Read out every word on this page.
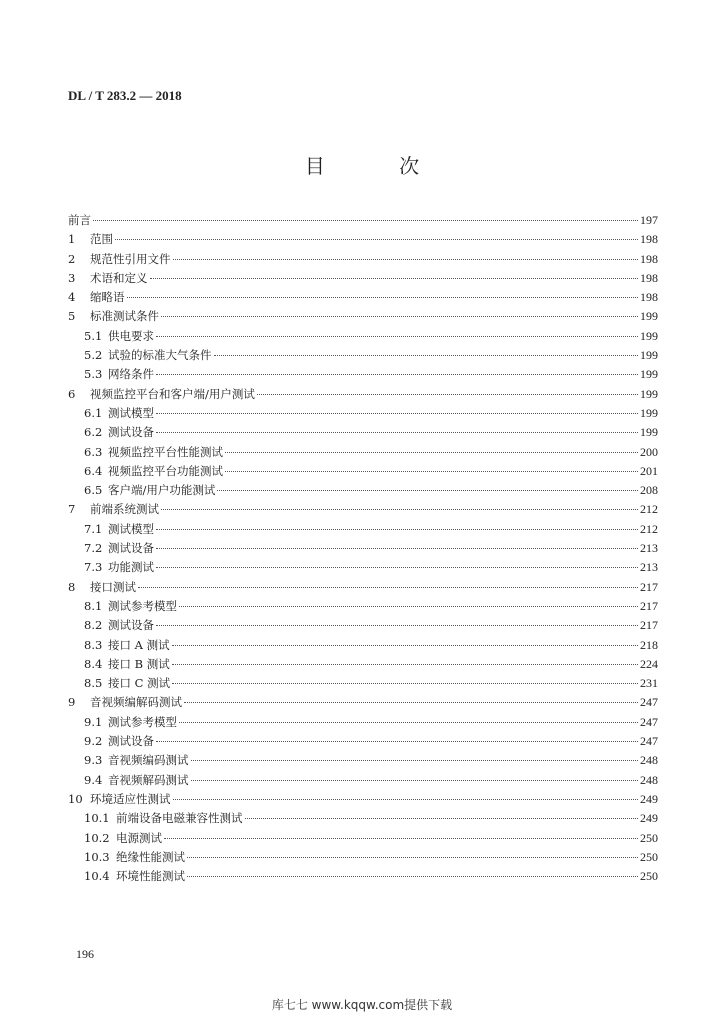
DL / T 283.2 — 2018
目 次
前言	197
1	范围	198
2	规范性引用文件	198
3	术语和定义	198
4	缩略语	198
5	标准测试条件	199
5.1 供电要求	199
5.2 试验的标准大气条件	199
5.3 网络条件	199
6	视频监控平台和客户端/用户测试	199
6.1 测试模型	199
6.2 测试设备	199
6.3 视频监控平台性能测试	200
6.4 视频监控平台功能测试	201
6.5 客户端/用户功能测试	208
7	前端系统测试	212
7.1 测试模型	212
7.2 测试设备	213
7.3 功能测试	213
8	接口测试	217
8.1 测试参考模型	217
8.2 测试设备	217
8.3 接口 A 测试	218
8.4 接口 B 测试	224
8.5 接口 C 测试	231
9	音视频编解码测试	247
9.1 测试参考模型	247
9.2 测试设备	247
9.3 音视频编码测试	248
9.4 音视频解码测试	248
10 环境适应性测试	249
10.1 前端设备电磁兼容性测试	249
10.2 电源测试	250
10.3 绝缘性能测试	250
10.4 环境性能测试	250
196
库七七 www.kqqw.com提供下载
